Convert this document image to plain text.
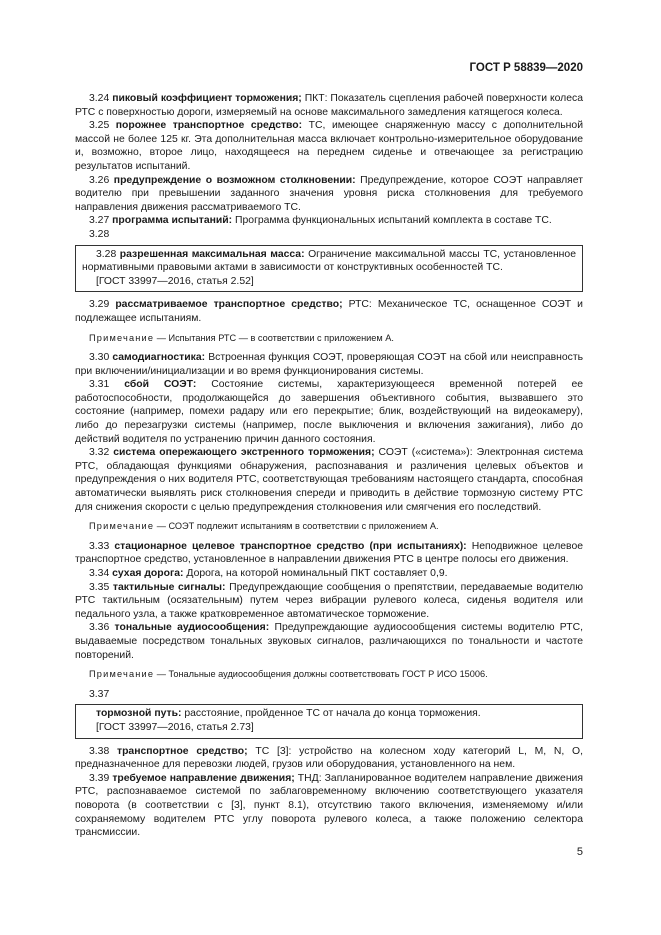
ГОСТ Р 58839—2020

3.24 пиковый коэффициент торможения; ПКТ: Показатель сцепления рабочей поверхности колеса РТС с поверхностью дороги, измеряемый на основе максимального замедления катящегося колеса.

3.25 порожнее транспортное средство: ТС, имеющее снаряженную массу с дополнительной массой не более 125 кг. Эта дополнительная масса включает контрольно-измерительное оборудование и, возможно, второе лицо, находящееся на переднем сиденье и отвечающее за регистрацию результатов испытаний.

3.26 предупреждение о возможном столкновении: Предупреждение, которое СОЭТ направляет водителю при превышении заданного значения уровня риска столкновения для требуемого направления движения рассматриваемого ТС.

3.27 программа испытаний: Программа функциональных испытаний комплекта в составе ТС.

3.28

3.28 разрешенная максимальная масса: Ограничение максимальной массы ТС, установленное нормативными правовыми актами в зависимости от конструктивных особенностей ТС.

[ГОСТ 33997—2016, статья 2.52]

3.29 рассматриваемое транспортное средство; РТС: Механическое ТС, оснащенное СОЭТ и подлежащее испытаниям.

Примечание — Испытания РТС — в соответствии с приложением А.

3.30 самодиагностика: Встроенная функция СОЭТ, проверяющая СОЭТ на сбой или неисправность при включении/инициализации и во время функционирования системы.

3.31 сбой СОЭТ: Состояние системы, характеризующееся временной потерей ее работоспособности, продолжающейся до завершения объективного события, вызвавшего это состояние (например, помехи радару или его перекрытие; блик, воздействующий на видеокамеру), либо до перезагрузки системы (например, после выключения и включения зажигания), либо до действий водителя по устранению причин данного состояния.

3.32 система опережающего экстренного торможения; СОЭТ («система»): Электронная система РТС, обладающая функциями обнаружения, распознавания и различения целевых объектов и предупреждения о них водителя РТС, соответствующая требованиям настоящего стандарта, способная автоматически выявлять риск столкновения спереди и приводить в действие тормозную систему РТС для снижения скорости с целью предупреждения столкновения или смягчения его последствий.

Примечание — СОЭТ подлежит испытаниям в соответствии с приложением А.

3.33 стационарное целевое транспортное средство (при испытаниях): Неподвижное целевое транспортное средство, установленное в направлении движения РТС в центре полосы его движения.

3.34 сухая дорога: Дорога, на которой номинальный ПКТ составляет 0,9.

3.35 тактильные сигналы: Предупреждающие сообщения о препятствии, передаваемые водителю РТС тактильным (осязательным) путем через вибрации рулевого колеса, сиденья водителя или педального узла, а также кратковременное автоматическое торможение.

3.36 тональные аудиосообщения: Предупреждающие аудиосообщения системы водителю РТС, выдаваемые посредством тональных звуковых сигналов, различающихся по тональности и частоте повторений.

Примечание — Тональные аудиосообщения должны соответствовать ГОСТ Р ИСО 15006.

3.37

тормозной путь: расстояние, пройденное ТС от начала до конца торможения.

[ГОСТ 33997—2016, статья 2.73]

3.38 транспортное средство; ТС [3]: устройство на колесном ходу категорий L, M, N, O, предназначенное для перевозки людей, грузов или оборудования, установленного на нем.

3.39 требуемое направление движения; ТНД: Запланированное водителем направление движения РТС, распознаваемое системой по заблаговременному включению соответствующего указателя поворота (в соответствии с [3], пункт 8.1), отсутствию такого включения, изменяемому и/или сохраняемому водителем РТС углу поворота рулевого колеса, а также положению селектора трансмиссии.

5
